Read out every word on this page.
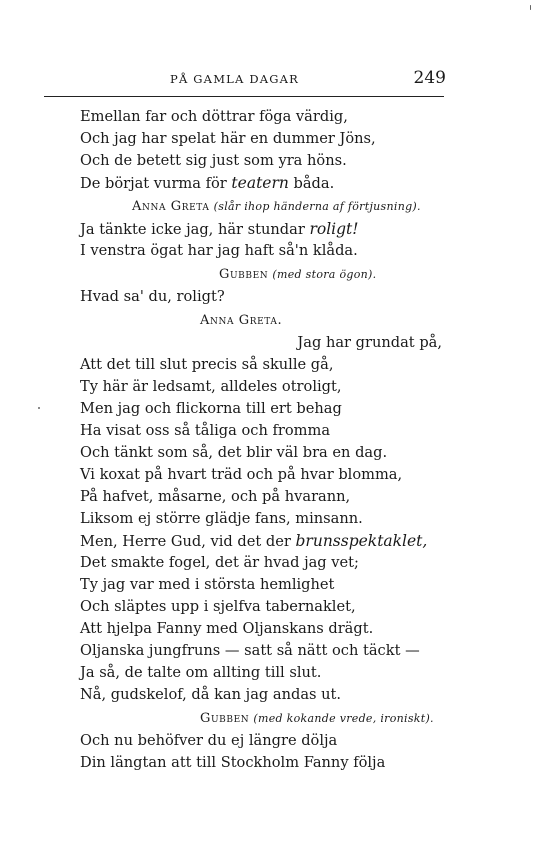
PÅ GAMLA DAGAR	249
Emellan far och döttrar föga värdig,
Och jag har spelat här en dummer Jöns,
Och de betett sig just som yra höns.
De börjat vurma för teatern båda.
Anna Greta (slår ihop händerna af förtjusning).
Ja tänkte icke jag, här stundar roligt!
I venstra ögat har jag haft så'n klåda.
Gubben (med stora ögon).
Hvad sa' du, roligt?
Anna Greta.
Jag har grundat på,
Att det till slut precis så skulle gå,
Ty här är ledsamt, alldeles otroligt,
Men jag och flickorna till ert behag
Ha visat oss så tåliga och fromma
Och tänkt som så, det blir väl bra en dag.
Vi koxat på hvart träd och på hvar blomma,
På hafvet, måsarne, och på hvarann,
Liksom ej större glädje fans, minsann.
Men, Herre Gud, vid det der brunsspektaklet,
Det smakte fogel, det är hvad jag vet;
Ty jag var med i största hemlighet
Och släptes upp i sjelfva tabernaklet,
Att hjelpa Fanny med Oljanskans drägt.
Oljanska jungfruns — satt så nätt och täckt —
Ja så, de talte om allting till slut.
Nå, gudskelof, då kan jag andas ut.
Gubben (med kokande vrede, ironiskt).
Och nu behöfver du ej längre dölja
Din längtan att till Stockholm Fanny följa
